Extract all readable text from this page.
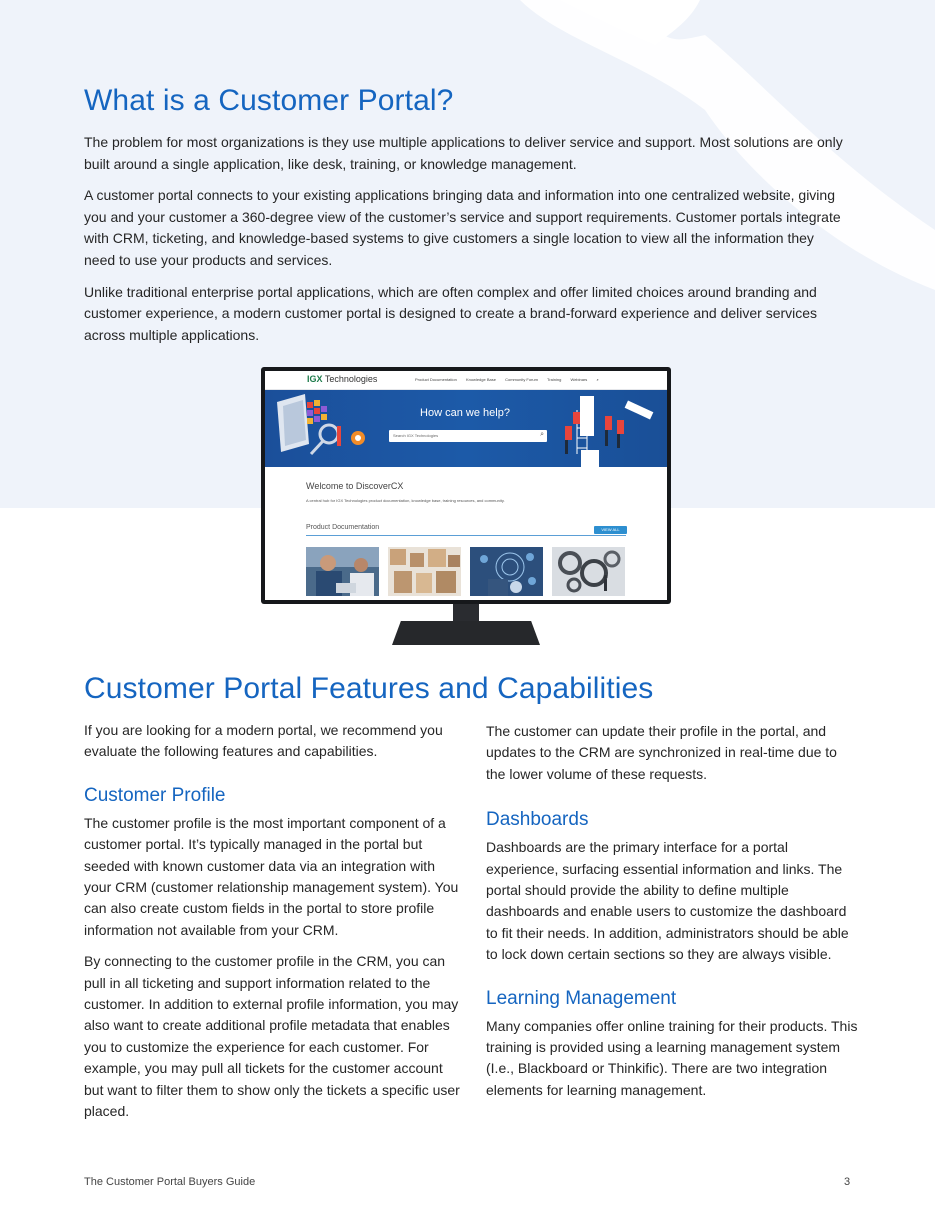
What is a Customer Portal?

The problem for most organizations is they use multiple applications to deliver service and support. Most solutions are only built around a single application, like desk, training, or knowledge management.

A customer portal connects to your existing applications bringing data and information into one centralized website, giving you and your customer a 360-degree view of the customer’s service and support requirements. Customer portals integrate with CRM, ticketing, and knowledge-based systems to give customers a single location to view all the information they need to use your products and services.

Unlike traditional enterprise portal applications, which are often complex and offer limited choices around branding and customer experience, a modern customer portal is designed to create a brand-forward experience and deliver services across multiple applications.

IGX Technologies	Product Documentation Knowledge Base Community Forum Training Webinars ⌕
How can we help?
Search IGX Technologies	⌕
Welcome to DiscoverCX
A central hub for IGX Technologies product documentation, knowledge base, training resources, and community.
Product Documentation	VIEW ALL
Customer Portal Features and Capabilities

If you are looking for a modern portal, we recommend you evaluate the following features and capabilities.

Customer Profile

The customer profile is the most important component of a customer portal. It’s typically managed in the portal but seeded with known customer data via an integration with your CRM (customer relationship management system). You can also create custom fields in the portal to store profile information not available from your CRM.

By connecting to the customer profile in the CRM, you can pull in all ticketing and support information related to the customer. In addition to external profile information, you may also want to create additional profile metadata that enables you to customize the experience for each customer. For example, you may pull all tickets for the customer account but want to filter them to show only the tickets a specific user placed.

The customer can update their profile in the portal, and updates to the CRM are synchronized in real-time due to the lower volume of these requests.

Dashboards

Dashboards are the primary interface for a portal experience, surfacing essential information and links. The portal should provide the ability to define multiple dashboards and enable users to customize the dashboard to fit their needs. In addition, administrators should be able to lock down certain sections so they are always visible.

Learning Management

Many companies offer online training for their products. This training is provided using a learning management system (I.e., Blackboard or Thinkific). There are two integration elements for learning management.

The Customer Portal Buyers Guide	3
